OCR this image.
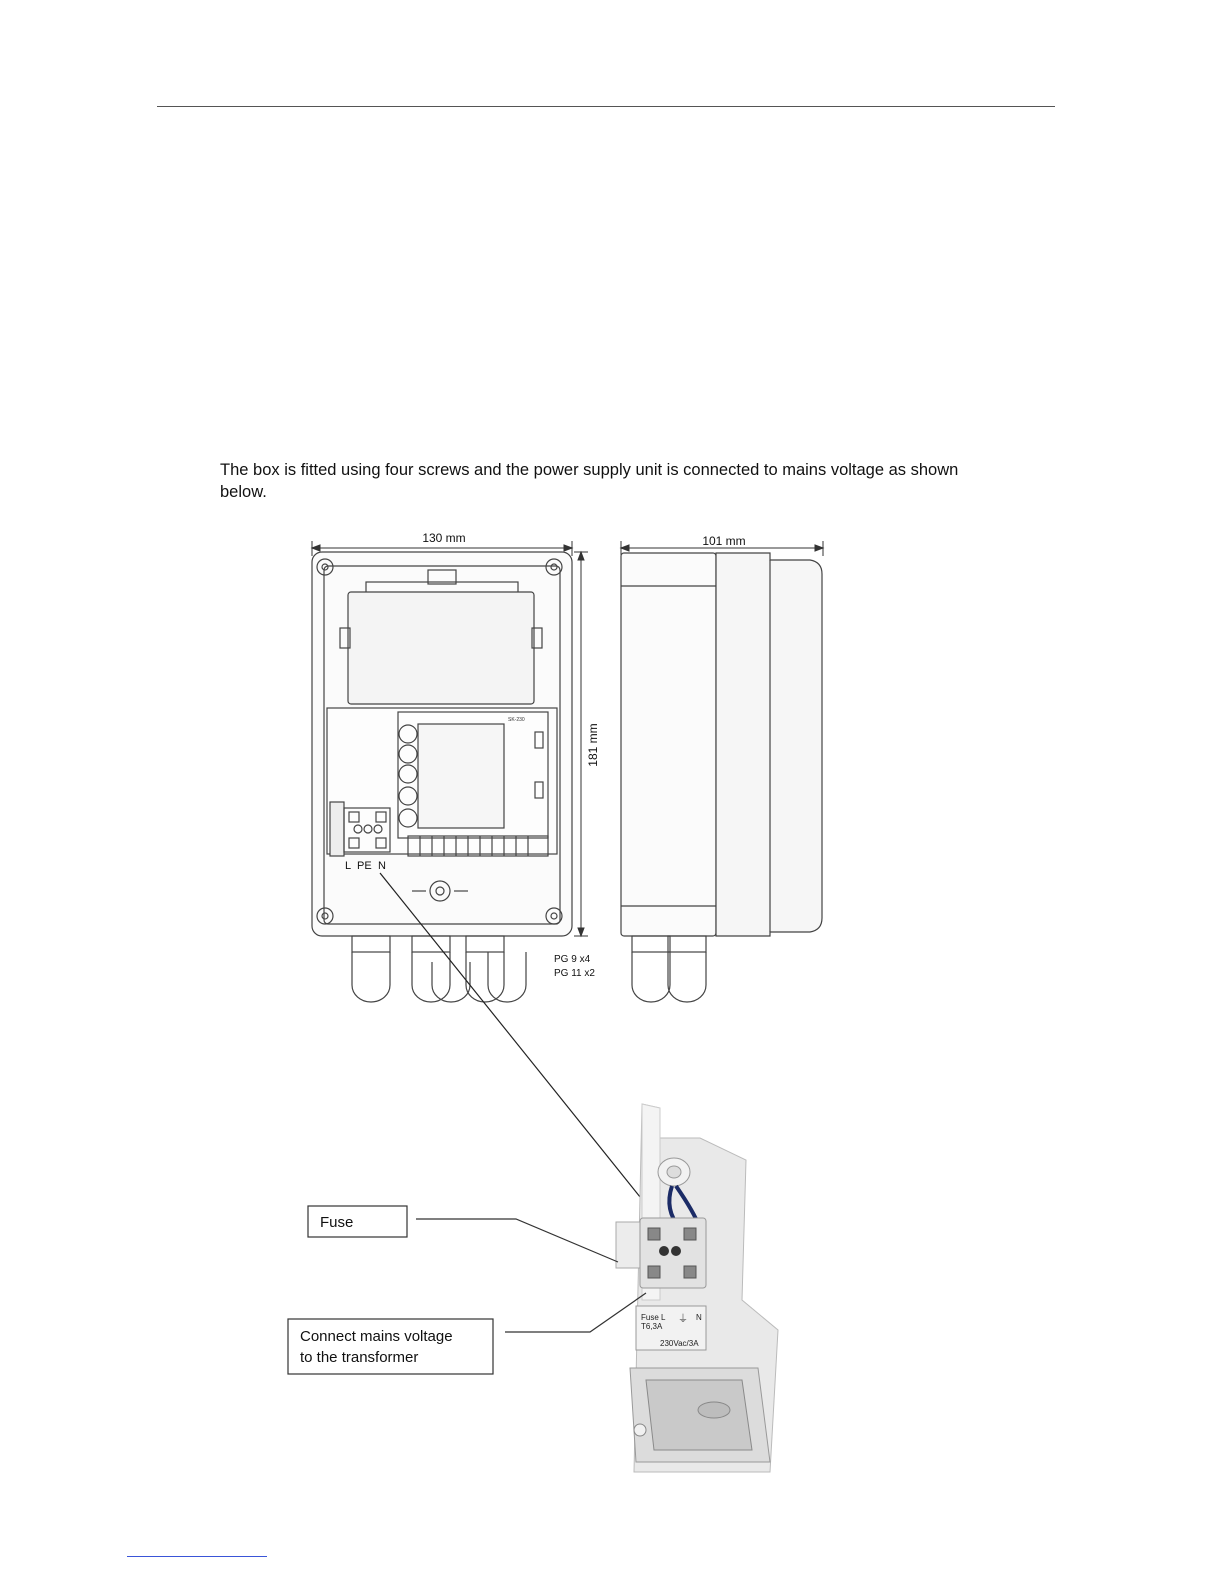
The box is fitted using four screws and the power supply unit is connected to mains voltage as shown below.
130 mm
L PE N
SK-230
181 mm
PG 9 x4
PG 11 x2
101 mm
Fuse L
T6,3A
⏚ N
230Vac/3A
Fuse
Connect mains voltage
to the transformer
